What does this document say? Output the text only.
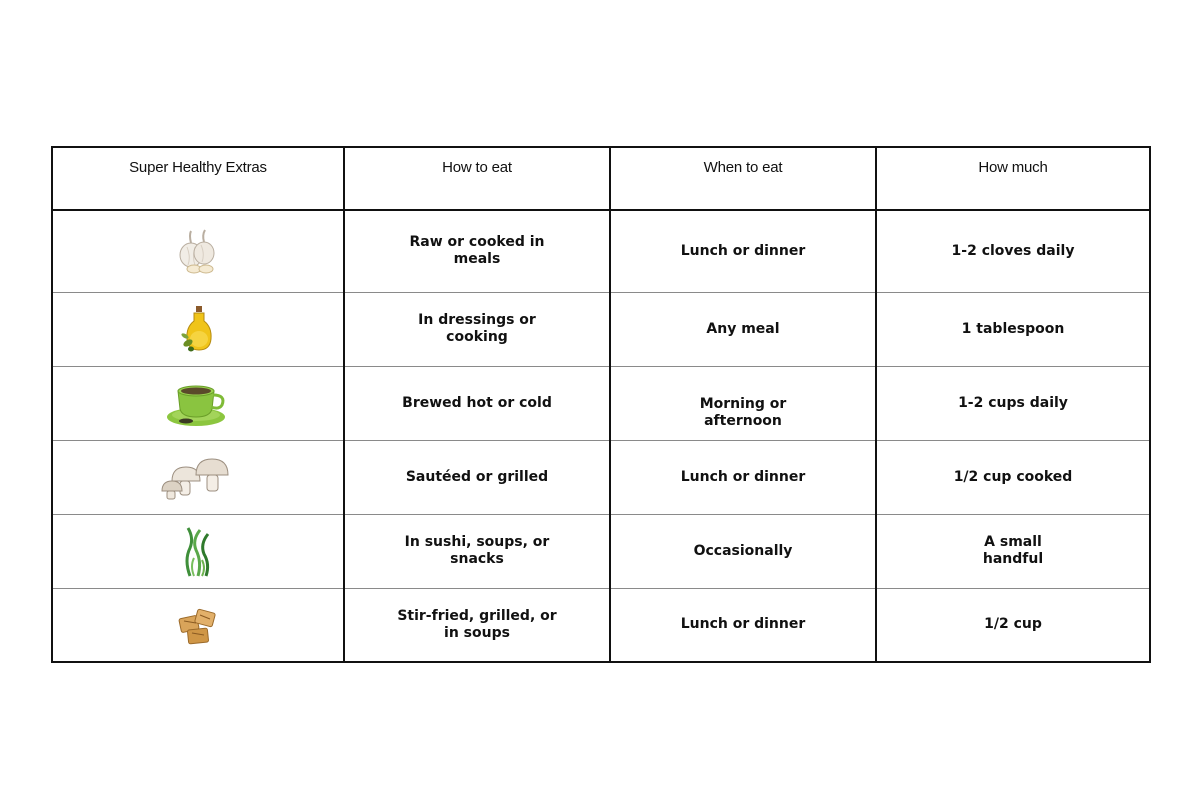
Super Healthy Extras	How to eat	When to eat	How much

	Raw or cooked in meals	Lunch or dinner	1-2 cloves daily

	In dressings or cooking	Any meal	1 tablespoon

	Brewed hot or cold	Morning or afternoon	1-2 cups daily

	Sautéed or grilled	Lunch or dinner	1/2 cup cooked

	In sushi, soups, or snacks	Occasionally	A small handful

	Stir-fried, grilled, or in soups	Lunch or dinner	1/2 cup
